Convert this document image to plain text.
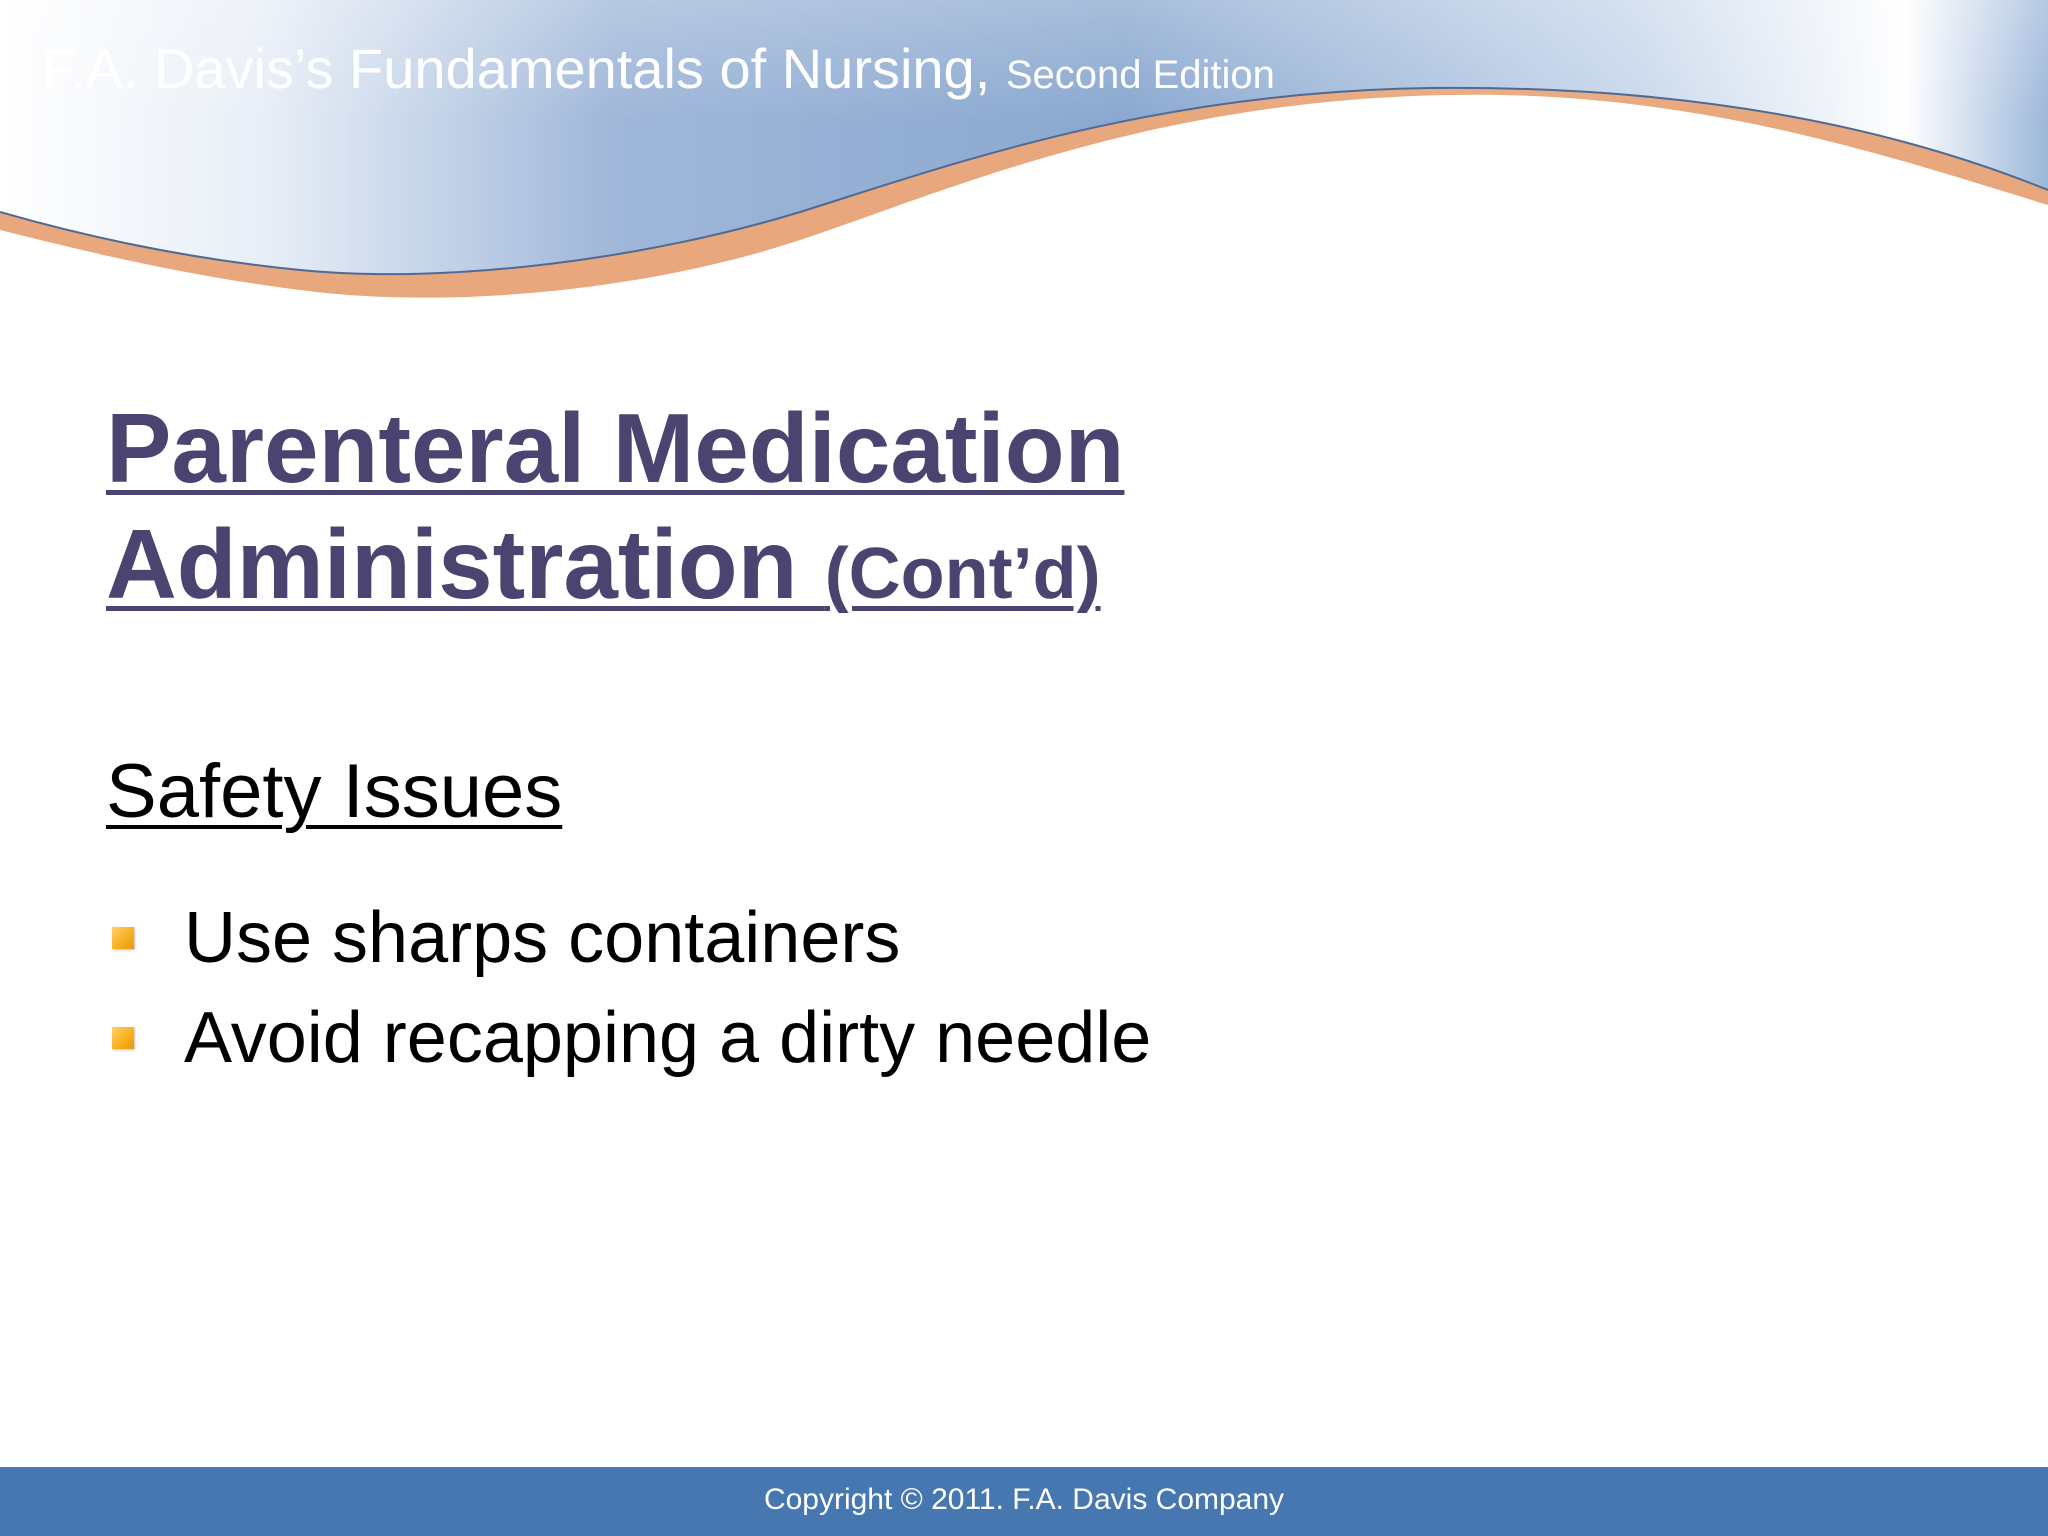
F.A. Davis’s Fundamentals of Nursing, Second Edition
Parenteral Medication Administration (Cont’d)
Safety Issues
Use sharps containers
Avoid recapping a dirty needle
Copyright © 2011. F.A. Davis Company
